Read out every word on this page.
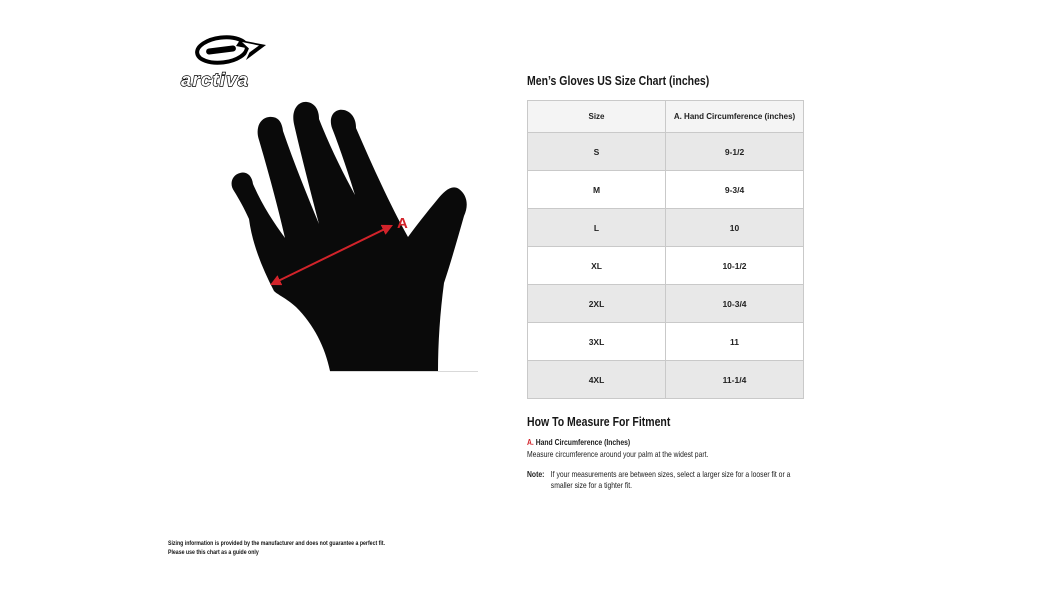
arctiva
A
Men’s Gloves US Size Chart (inches)
Size	A. Hand Circumference (inches)
S	9-1/2
M	9-3/4
L	10
XL	10-1/2
2XL	10-3/4
3XL	11
4XL	11-1/4
How To Measure For Fitment
A. Hand Circumference (Inches)
Measure circumference around your palm at the widest part.
Note: If your measurements are between sizes, select a larger size for a looser fit or a smaller size for a tighter fit.
Sizing information is provided by the manufacturer and does not guarantee a perfect fit.
Please use this chart as a guide only
